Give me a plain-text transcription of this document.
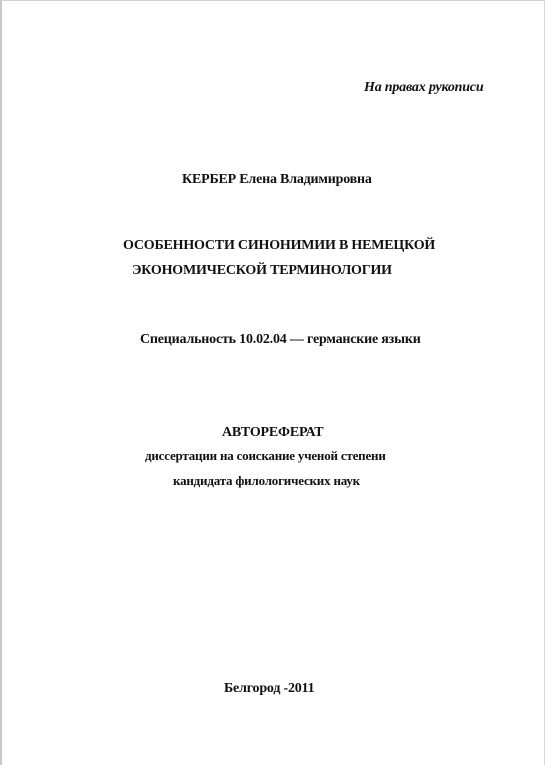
На правах рукописи
КЕРБЕР Елена Владимировна
ОСОБЕННОСТИ СИНОНИМИИ В НЕМЕЦКОЙ
ЭКОНОМИЧЕСКОЙ ТЕРМИНОЛОГИИ
Специальность 10.02.04 — германские языки
АВТОРЕФЕРАТ
диссертации на соискание ученой степени
кандидата филологических наук
Белгород -2011
